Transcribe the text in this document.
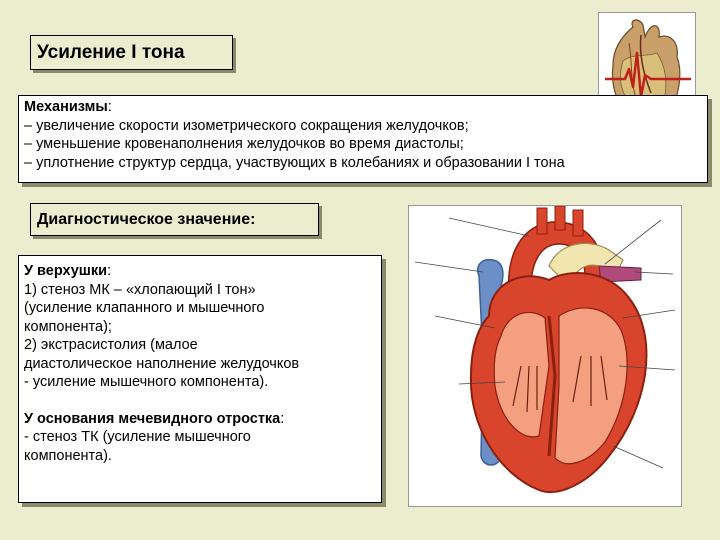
Усиление I тона
Механизмы:
– увеличение скорости изометрического сокращения желудочков;
– уменьшение кровенаполнения желудочков во время диастолы;
– уплотнение структур сердца, участвующих в колебаниях и образовании I тона
Диагностическое значение:
У верхушки:
1) стеноз МК – «хлопающий I тон»
(усиление клапанного и мышечного
компонента);
2) экстрасистолия (малое
диастолическое наполнение желудочков
- усиление мышечного компонента).
У основания мечевидного отростка:
- стеноз ТК (усиление мышечного
компонента).
